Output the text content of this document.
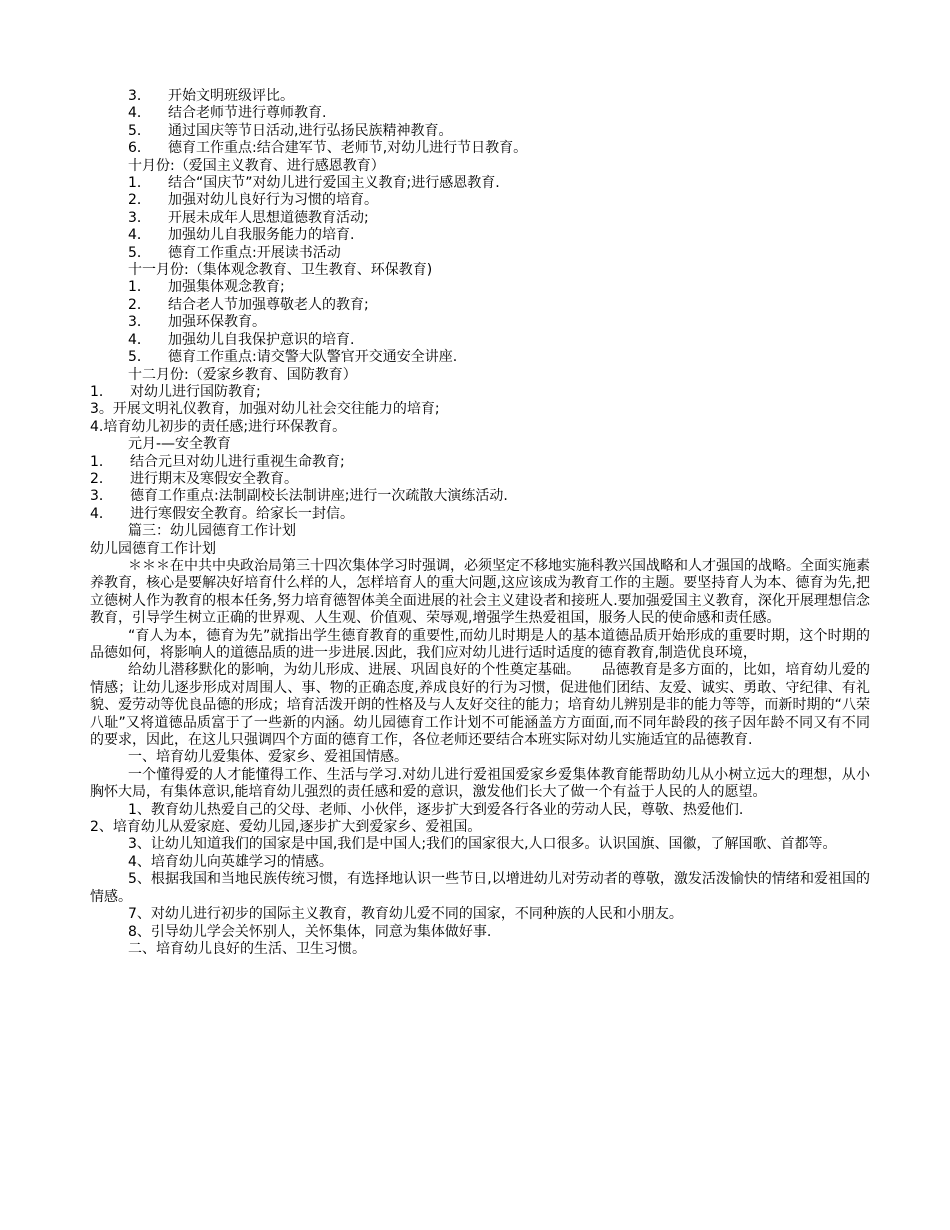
3． 开始文明班级评比。
4． 结合老师节进行尊师教育.
5． 通过国庆等节日活动,进行弘扬民族精神教育。
6． 德育工作重点:结合建军节、老师节,对幼儿进行节日教育。
十月份:（爱国主义教育、进行感恩教育）
1． 结合“国庆节”对幼儿进行爱国主义教育;进行感恩教育.
2． 加强对幼儿良好行为习惯的培育。
3． 开展未成年人思想道德教育活动;
4． 加强幼儿自我服务能力的培育.
5． 德育工作重点:开展读书活动
十一月份:（集体观念教育、卫生教育、环保教育)
1． 加强集体观念教育;
2． 结合老人节加强尊敬老人的教育;
3． 加强环保教育。
4． 加强幼儿自我保护意识的培育.
5． 德育工作重点:请交警大队警官开交通安全讲座.
十二月份:（爱家乡教育、国防教育）
1． 对幼儿进行国防教育;
3。开展文明礼仪教育，加强对幼儿社会交往能力的培育;
4.培育幼儿初步的责任感;进行环保教育。
元月-—安全教育
1． 结合元旦对幼儿进行重视生命教育;
2． 进行期末及寒假安全教育。
3． 德育工作重点:法制副校长法制讲座;进行一次疏散大演练活动.
4． 进行寒假安全教育。给家长一封信。
篇三：幼儿园德育工作计划
幼儿园德育工作计划
＊＊＊在中共中央政治局第三十四次集体学习时强调，必须坚定不移地实施科教兴国战略和人才强国的战略。全面实施素养教育，核心是要解决好培育什么样的人，怎样培育人的重大问题,这应该成为教育工作的主题。要坚持育人为本、德育为先,把立德树人作为教育的根本任务,努力培育德智体美全面进展的社会主义建设者和接班人.要加强爱国主义教育，深化开展理想信念教育，引导学生树立正确的世界观、人生观、价值观、荣辱观,增强学生热爱祖国，服务人民的使命感和责任感。
“育人为本，德育为先”就指出学生德育教育的重要性,而幼儿时期是人的基本道德品质开始形成的重要时期，这个时期的品德如何，将影响人的道德品质的进一步进展.因此，我们应对幼儿进行适时适度的德育教育,制造优良环境，
给幼儿潜移默化的影响，为幼儿形成、进展、巩固良好的个性奠定基础。　　品德教育是多方面的，比如，培育幼儿爱的情感；让幼儿逐步形成对周围人、事、物的正确态度,养成良好的行为习惯，促进他们团结、友爱、诚实、勇敢、守纪律、有礼貌、爱劳动等优良品德的形成；培育活泼开朗的性格及与人友好交往的能力；培育幼儿辨别是非的能力等等，而新时期的“八荣八耻”又将道德品质富于了一些新的内涵。幼儿园德育工作计划不可能涵盖方方面面,而不同年龄段的孩子因年龄不同又有不同的要求，因此，在这儿只强调四个方面的德育工作，各位老师还要结合本班实际对幼儿实施适宜的品德教育.
一、培育幼儿爱集体、爱家乡、爱祖国情感。
一个懂得爱的人才能懂得工作、生活与学习.对幼儿进行爱祖国爱家乡爱集体教育能帮助幼儿从小树立远大的理想，从小胸怀大局，有集体意识,能培育幼儿强烈的责任感和爱的意识，激发他们长大了做一个有益于人民的人的愿望。
1、教育幼儿热爱自己的父母、老师、小伙伴，逐步扩大到爱各行各业的劳动人民，尊敬、热爱他们.
2、培育幼儿从爱家庭、爱幼儿园,逐步扩大到爱家乡、爱祖国。
3、让幼儿知道我们的国家是中国,我们是中国人;我们的国家很大,人口很多。认识国旗、国徽，了解国歌、首都等。
4、培育幼儿向英雄学习的情感。
5、根据我国和当地民族传统习惯，有选择地认识一些节日,以增进幼儿对劳动者的尊敬，激发活泼愉快的情绪和爱祖国的情感。
7、对幼儿进行初步的国际主义教育，教育幼儿爱不同的国家，不同种族的人民和小朋友。
8、引导幼儿学会关怀别人，关怀集体，同意为集体做好事.
二、培育幼儿良好的生活、卫生习惯。
